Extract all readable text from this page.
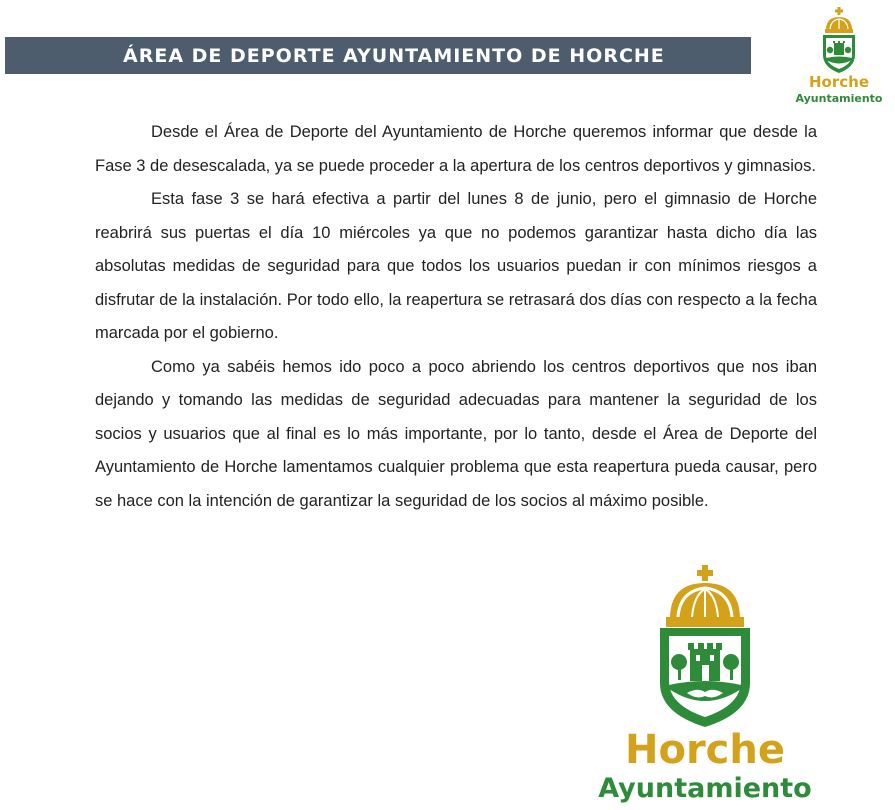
ÁREA DE DEPORTE AYUNTAMIENTO DE HORCHE
Horche
Ayuntamiento

Desde el Área de Deporte del Ayuntamiento de Horche queremos informar que desde la Fase 3 de desescalada, ya se puede proceder a la apertura de los centros deportivos y gimnasios.

Esta fase 3 se hará efectiva a partir del lunes 8 de junio, pero el gimnasio de Horche reabrirá sus puertas el día 10 miércoles ya que no podemos garantizar hasta dicho día las absolutas medidas de seguridad para que todos los usuarios puedan ir con mínimos riesgos a disfrutar de la instalación. Por todo ello, la reapertura se retrasará dos días con respecto a la fecha marcada por el gobierno.

Como ya sabéis hemos ido poco a poco abriendo los centros deportivos que nos iban dejando y tomando las medidas de seguridad adecuadas para mantener la seguridad de los socios y usuarios que al final es lo más importante, por lo tanto, desde el Área de Deporte del Ayuntamiento de Horche lamentamos cualquier problema que esta reapertura pueda causar, pero se hace con la intención de garantizar la seguridad de los socios al máximo posible.

Horche
Ayuntamiento
